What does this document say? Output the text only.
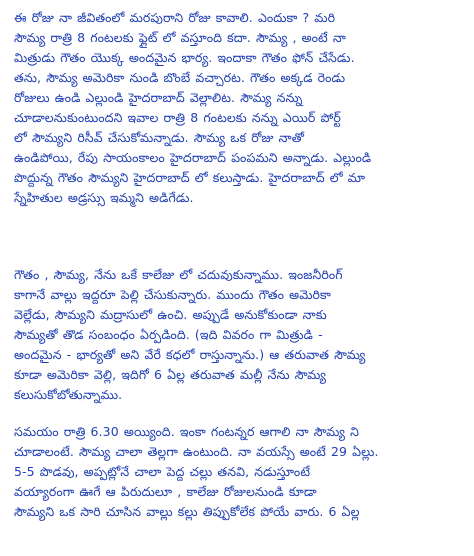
ఈ రోజు నా జీవితంలో మరపురాని రోజు కావాలి. ఎందుకా ? మరి
సౌమ్య రాత్రి 8 గంటలకు ఫ్లైట్ లో వస్తూంది కదా. సౌమ్య , అంటే నా
మిత్రుడు గౌతం యొక్క అందమైన భార్య. ఇందాకా గౌతం ఫోన్ చేసేడు.
తను, సౌమ్య అమెరికా నుండి బొంబే వచ్చారట. గౌతం అక్కడ రెండు
రోజులు ఉండి ఎల్లుండి హైదరాబాద్ వెల్లాలిట. సౌమ్య నన్ను
చూడాలనుకుంటుందని ఇవాల రాత్రి 8 గంటలకు నన్ను ఎయిర్ పోర్ట్
లో సౌమ్యని రిసీవ్ చేసుకోమన్నాడు. సౌమ్య ఒక రోజు నాతో
ఉండిపోయి, రేపు సాయంకాలం హైదరాబాద్ పంపమని అన్నాడు. ఎల్లుండి
పొద్దున్న గౌతం సౌమ్యని హైదరాబాద్ లో కలుస్తాడు. హైదరాబాద్ లో మా
స్నేహితుల అడ్రస్సు ఇమ్మని అడిగేడు.
గౌతం , సౌమ్య, నేను ఒకే కాలేజు లో చదువుకున్నాము. ఇంజనీరింగ్
కాగానే వాల్లు ఇద్దరూ పెల్లి చేసుకున్నారు. ముందు గౌతం అమెరికా
వెల్లేడు, సౌమ్యని మద్రాసులో ఉంచి. అప్పుడే అనుకోకుండా నాకు
సౌమ్యతో తొడ సంబంధం ఏర్పడింది. (ఇది వివరం గా మిత్రుడి -
అందమైన - భార్యతో అని వేరే కధలో రాస్తున్నాను.) ఆ తరువాత సౌమ్య
కూడా అమెరికా వెల్లి, ఇదిగో 6 ఏల్ల తరువాత మల్లీ నేను సౌమ్య
కలుసుకోబోతున్నాము.
సమయం రాత్రి 6.30 అయ్యింది. ఇంకా గంటన్నర ఆగాలి నా సౌమ్య ని
చూడాలంటే. సౌమ్య చాలా తెల్లగా ఉంటుంది. నా వయస్సే అంటే 29 ఏల్లు.
5-5 పొడవు, అప్పట్లోనే చాలా పెద్ద చల్లు తనవి, నడుస్తూంటే
వయ్యారంగా ఊగే ఆ పిరుదులూ , కాలేజు రోజులనుండి కూడా
సౌమ్యని ఒక సారి చూసిన వాల్లు కల్లు తిప్పుకోలేక పోయే వారు. 6 ఏల్ల
